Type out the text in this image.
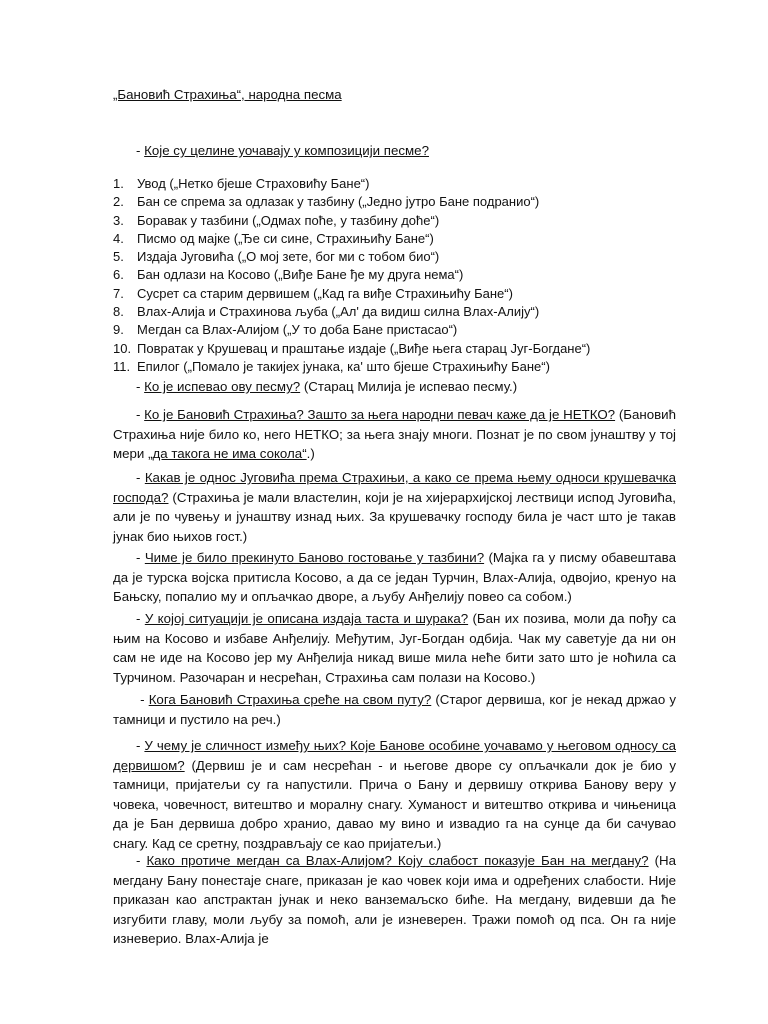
„Бановић Страхиња“, народна песма
- Које су целине уочавају у композицији песме?
1.	Увод („Нетко бјеше Страховићу Бане“)
2.	Бан се спрема за одлазак у тазбину („Једно јутро Бане подранио“)
3.	Боравак у тазбини („Одмах поће, у тазбину доће“)
4.	Писмо од мајке („Ђе си сине, Страхињићу Бане“)
5.	Издаја Југовића („О мој зете, бог ми с тобом био“)
6.	Бан одлази на Косово („Виђе Бане ђе му друга нема“)
7.	Сусрет са старим дервишем („Кад га виђе Страхињићу Бане“)
8.	Влах-Алија и Страхинова љуба („Ал' да видиш силна Влах-Алију“)
9.	Мегдан са Влах-Алијом („У то доба Бане пристасао“)
10. Повратак у Крушевац и праштање издаје („Виђе њега старац Југ-Богдане“)
11. Епилог („Помало је такијех јунака, ка' што бјеше Страхињићу Бане“)

- Ко је испевао ову песму? (Старац Милија је испевао песму.)

- Ко је Бановић Страхиња? Зашто за њега народни певач каже да је НЕТКО? (Бановић Страхиња није било ко, него НЕТКО; за њега знају многи. Познат је по свом јунаштву у тој мери „да такога не има сокола“.)

- Какав је однос Југовића према Страхињи, а како се према њему односи крушевачка господа? (Страхиња је мали властелин, који је на хијерархијској лествици испод Југовића, али је по чувењу и јунаштву изнад њих. За крушевачку господу била је част што је такав јунак био њихов гост.)

- Чиме је било прекинуто Баново гостовање у тазбини? (Мајка га у писму обавештава да је турска војска притисла Косово, а да се један Турчин, Влах-Алија, одвојио, кренуо на Бањску, попалио му и опљачкао дворе, а љубу Анђелију повео са собом.)

- У којој ситуацији је описана издаја таста и шурака? (Бан их позива, моли да пођу са њим на Косово и избаве Анђелију. Међутим, Југ-Богдан одбија. Чак му саветује да ни он сам не иде на Косово јер му Анђелија никад више мила неће бити зато што је ноћила са Турчином. Разочаран и несрећан, Страхиња сам полази на Косово.)

- Кога Бановић Страхиња среће на свом путу? (Старог дервиша, ког је некад држао у тамници и пустило на реч.)

- У чему је сличност између њих? Које Банове особине уочавамо у његовом односу са дервишом? (Дервиш је и сам несрећан - и његове дворе су опљачкали док је био у тамници, пријатељи су га напустили. Прича о Бану и дервишу открива Банову веру у човека, човечност, витештво и моралну снагу. Хуманост и витештво открива и чињеница да је Бан дервиша добро хранио, давао му вино и извадио га на сунце да би сачувао снагу. Кад се сретну, поздрављају се као пријатељи.)

- Како протиче мегдан са Влах-Алијом? Коју слабост показује Бан на мегдану? (На мегдану Бану понестаје снаге, приказан је као човек који има и одређених слабости. Није приказан као апстрактан јунак и неко ванземаљско биће. На мегдану, видевши да ће изгубити главу, моли љубу за помоћ, али је изневерен. Тражи помоћ од пса. Он га није изневерио. Влах-Алија је
